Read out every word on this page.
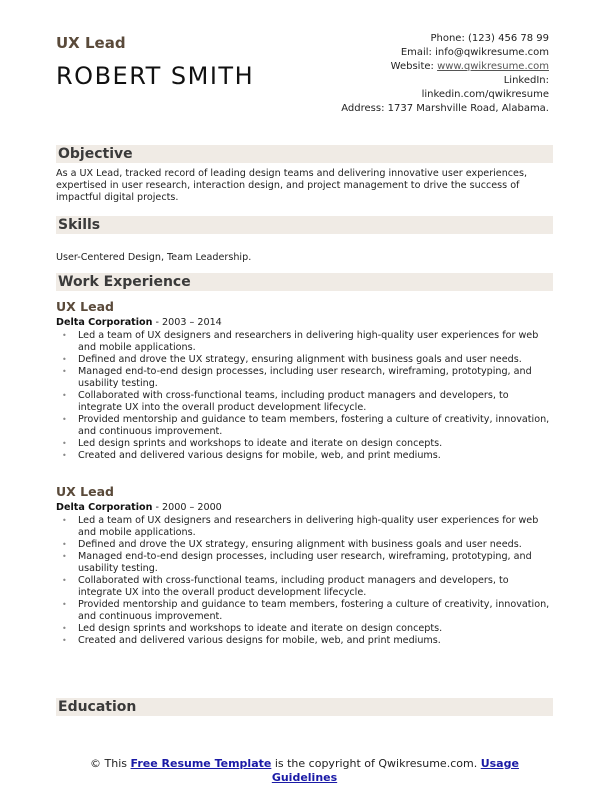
UX Lead
ROBERT SMITH
Phone: (123) 456 78 99
Email: info@qwikresume.com
Website: www.qwikresume.com
LinkedIn:
linkedin.com/qwikresume
Address: 1737 Marshville Road, Alabama.
Objective
As a UX Lead, tracked record of leading design teams and delivering innovative user experiences, expertised in user research, interaction design, and project management to drive the success of impactful digital projects.
Skills
User-Centered Design, Team Leadership.
Work Experience
UX Lead
Delta Corporation - 2003 – 2014
• Led a team of UX designers and researchers in delivering high-quality user experiences for web and mobile applications.
• Defined and drove the UX strategy, ensuring alignment with business goals and user needs.
• Managed end-to-end design processes, including user research, wireframing, prototyping, and usability testing.
• Collaborated with cross-functional teams, including product managers and developers, to integrate UX into the overall product development lifecycle.
• Provided mentorship and guidance to team members, fostering a culture of creativity, innovation, and continuous improvement.
• Led design sprints and workshops to ideate and iterate on design concepts.
• Created and delivered various designs for mobile, web, and print mediums.
UX Lead
Delta Corporation - 2000 – 2000
• Led a team of UX designers and researchers in delivering high-quality user experiences for web and mobile applications.
• Defined and drove the UX strategy, ensuring alignment with business goals and user needs.
• Managed end-to-end design processes, including user research, wireframing, prototyping, and usability testing.
• Collaborated with cross-functional teams, including product managers and developers, to integrate UX into the overall product development lifecycle.
• Provided mentorship and guidance to team members, fostering a culture of creativity, innovation, and continuous improvement.
• Led design sprints and workshops to ideate and iterate on design concepts.
• Created and delivered various designs for mobile, web, and print mediums.
Education
© This Free Resume Template is the copyright of Qwikresume.com. Usage Guidelines
